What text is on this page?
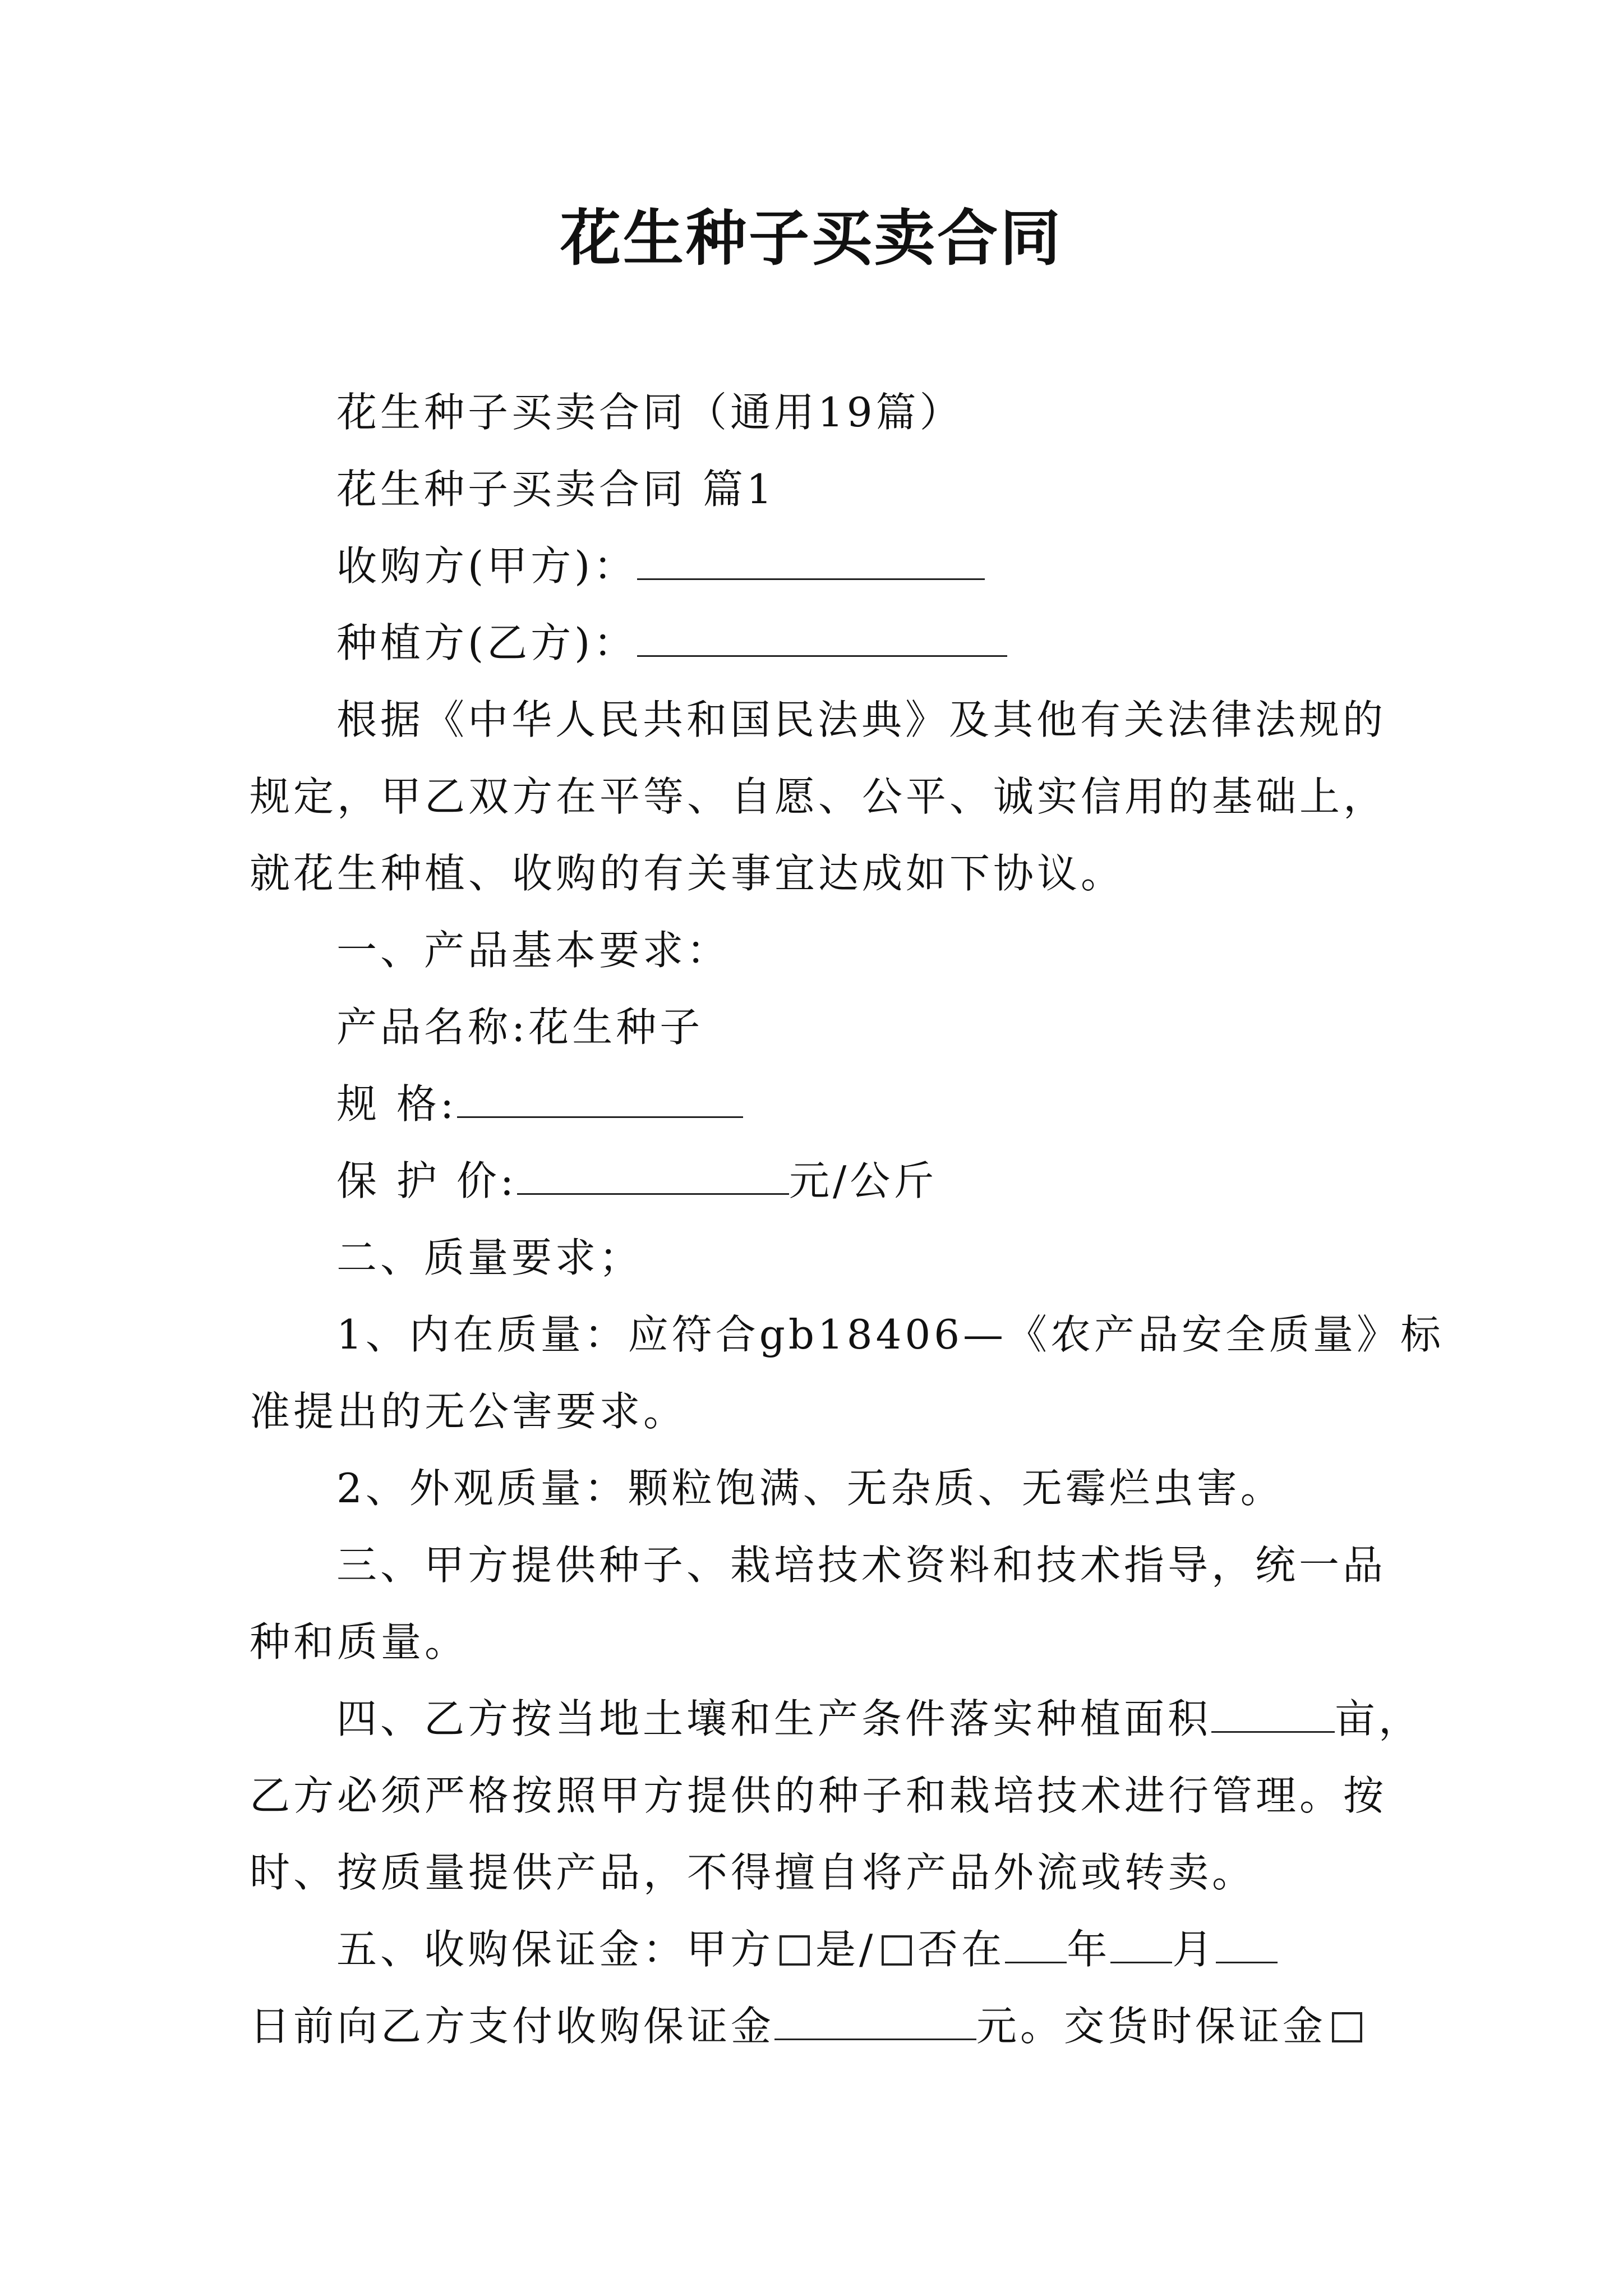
花生种子买卖合同

花生种子买卖合同（通用19篇）

花生种子买卖合同 篇1

收购方(甲方)：

种植方(乙方)：

根据《中华人民共和国民法典》及其他有关法律法规的

规定，甲乙双方在平等、自愿、公平、诚实信用的基础上，

就花生种植、收购的有关事宜达成如下协议。

一、产品基本要求：

产品名称:花生种子

规 格:

保 护 价:	元/公斤

二、质量要求；

1、内在质量：应符合gb18406—《农产品安全质量》标

准提出的无公害要求。

2、外观质量：颗粒饱满、无杂质、无霉烂虫害。

三、甲方提供种子、栽培技术资料和技术指导，统一品

种和质量。

四、乙方按当地土壤和生产条件落实种植面积	亩，

乙方必须严格按照甲方提供的种子和栽培技术进行管理。按

时、按质量提供产品，不得擅自将产品外流或转卖。

五、收购保证金：甲方 是/ 否在 年 月

日前向乙方支付收购保证金	元。交货时保证金
